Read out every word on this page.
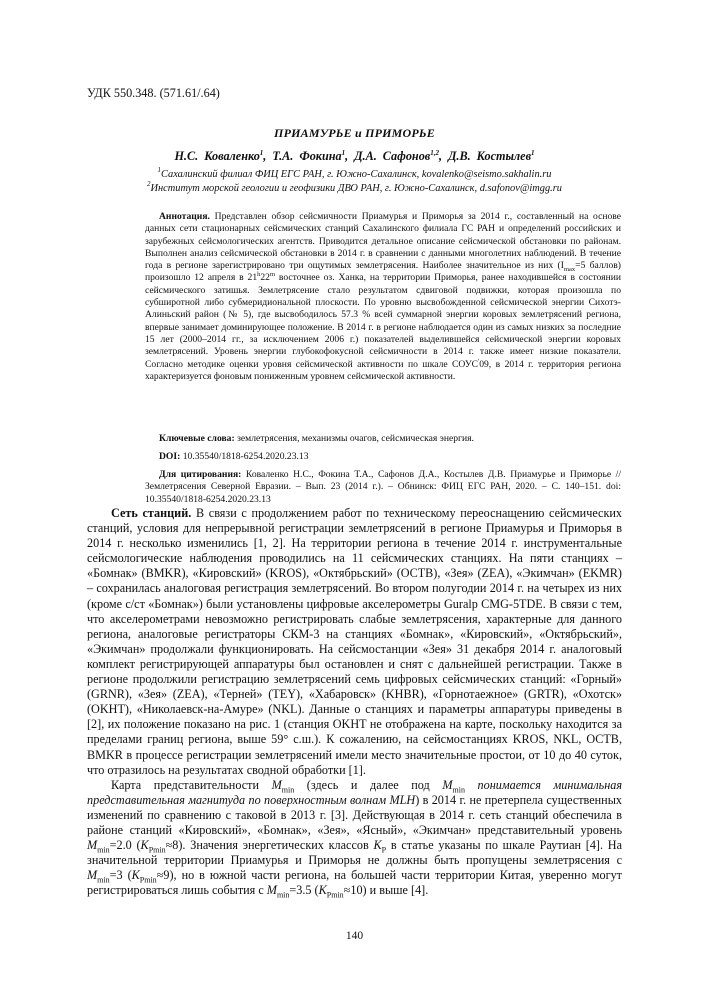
УДК 550.348. (571.61/.64)
ПРИАМУРЬЕ и ПРИМОРЬЕ
Н.С. Коваленко$^1$, Т.А. Фокина$^1$, Д.А. Сафонов$^{1,2}$, Д.В. Костылев$^1$
$^1$Сахалинский филиал ФИЦ ЕГС РАН, г. Южно-Сахалинск, kovalenko@seismo.sakhalin.ru
$^2$Институт морской геологии и геофизики ДВО РАН, г. Южно-Сахалинск, d.safonov@imgg.ru
Аннотация. Представлен обзор сейсмичности Приамурья и Приморья за 2014 г., составленный на основе данных сети стационарных сейсмических станций Сахалинского филиала ГС РАН и определений российских и зарубежных сейсмологических агентств. Приводится детальное описание сейсмической обстановки по районам. Выполнен анализ сейсмической обстановки в 2014 г. в сравнении с данными многолетних наблюдений. В течение года в регионе зарегистрировано три ощутимых землетрясения. Наиболее значительное из них ($I_{max}=5$ баллов) произошло 12 апреля в 21$^h$22$^m$ восточнее оз. Ханка, на территории Приморья, ранее находившейся в состоянии сейсмического затишья. Землетрясение стало результатом сдвиговой подвижки, которая произошла по субширотной либо субмеридиональной плоскости. По уровню высвобожденной сейсмической энергии Сихотэ-Алиньский район (№ 5), где высвободилось 57.3 % всей суммарной энергии коровых землетрясений региона, впервые занимает доминирующее положение. В 2014 г. в регионе наблюдается один из самых низких за последние 15 лет (2000–2014 гг., за исключением 2006 г.) показателей выделившейся сейсмической энергии коровых землетрясений. Уровень энергии глубокофокусной сейсмичности в 2014 г. также имеет низкие показатели. Согласно методике оценки уровня сейсмической активности по шкале СОУС'09, в 2014 г. территория региона характеризуется фоновым пониженным уровнем сейсмической активности.
Ключевые слова: землетрясения, механизмы очагов, сейсмическая энергия.
DOI: 10.35540/1818-6254.2020.23.13
Для цитирования: Коваленко Н.С., Фокина Т.А., Сафонов Д.А., Костылев Д.В. Приамурье и Приморье // Землетрясения Северной Евразии. – Вып. 23 (2014 г.). – Обнинск: ФИЦ ЕГС РАН, 2020. – С. 140–151. doi: 10.35540/1818-6254.2020.23.13

Сеть станций. В связи с продолжением работ по техническому переоснащению сейсмических станций, условия для непрерывной регистрации землетрясений в регионе Приамурья и Приморья в 2014 г. несколько изменились [1, 2]. На территории региона в течение 2014 г. инструментальные сейсмологические наблюдения проводились на 11 сейсмических станциях. На пяти станциях – «Бомнак» (BMKR), «Кировский» (KROS), «Октябрьский» (OCTB), «Зея» (ZEA), «Экимчан» (EKMR) – сохранилась аналоговая регистрация землетрясений. Во втором полугодии 2014 г. на четырех из них (кроме с/ст «Бомнак») были установлены цифровые акселерометры Guralp CMG-5TDE. В связи с тем, что акселерометрами невозможно регистрировать слабые землетрясения, характерные для данного региона, аналоговые регистраторы СКМ-3 на станциях «Бомнак», «Кировский», «Октябрьский», «Экимчан» продолжали функционировать. На сейсмостанции «Зея» 31 декабря 2014 г. аналоговый комплект регистрирующей аппаратуры был остановлен и снят с дальнейшей регистрации. Также в регионе продолжили регистрацию землетрясений семь цифровых сейсмических станций: «Горный» (GRNR), «Зея» (ZEA), «Терней» (TEY), «Хабаровск» (KHBR), «Горнотаежное» (GRTR), «Охотск» (OKHT), «Николаевск-на-Амуре» (NKL). Данные о станциях и параметры аппаратуры приведены в [2], их положение показано на рис. 1 (станция OKHT не отображена на карте, поскольку находится за пределами границ региона, выше 59° с.ш.). К сожалению, на сейсмостанциях KROS, NKL, OCTB, BMKR в процессе регистрации землетрясений имели место значительные простои, от 10 до 40 суток, что отразилось на результатах сводной обработки [1].

Карта представительности $M_{min}$ (здесь и далее под $M_{min}$ понимается минимальная представительная магнитуда по поверхностным волнам MLH) в 2014 г. не претерпела существенных изменений по сравнению с таковой в 2013 г. [3]. Действующая в 2014 г. сеть станций обеспечила в районе станций «Кировский», «Бомнак», «Зея», «Ясный», «Экимчан» представительный уровень $M_{min}=2.0$ $(K_{Pmin}\approx 8)$. Значения энергетических классов $K_P$ в статье указаны по шкале Раутиан [4]. На значительной территории Приамурья и Приморья не должны быть пропущены землетрясения с $M_{min}=3$ $(K_{Pmin}\approx 9)$, но в южной части региона, на большей части территории Китая, уверенно могут регистрироваться лишь события с $M_{min}=3.5$ $(K_{Pmin}\approx 10)$ и выше [4].

140
